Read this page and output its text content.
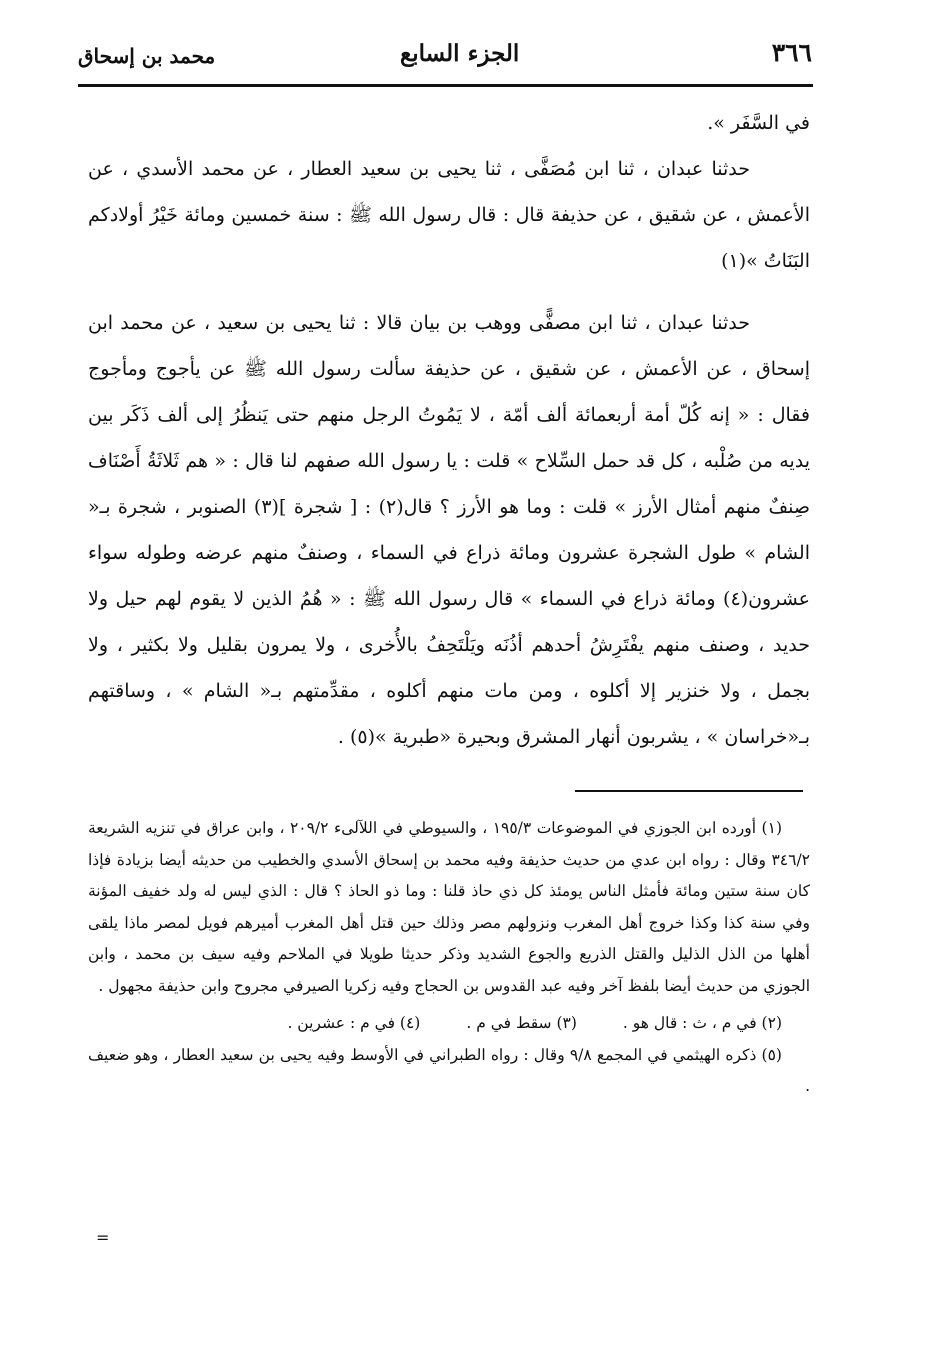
٣٦٦
الجزء السابع
محمد بن إسحاق

في السَّفَر ».

حدثنا عبدان ، ثنا ابن مُصَفَّى ، ثنا يحيى بن سعيد العطار ، عن محمد الأسدي ، عن الأعمش ، عن شقيق ، عن حذيفة قال : قال رسول الله ﷺ : سنة خمسين ومائة خَيْرُ أولادكم البَنَاتُ »(١)

حدثنا عبدان ، ثنا ابن مصفًّى ووهب بن بيان قالا : ثنا يحيى بن سعيد ، عن محمد ابن إسحاق ، عن الأعمش ، عن شقيق ، عن حذيفة سألت رسول الله ﷺ عن يأجوج ومأجوج فقال : « إنه كُلّ أمة أربعمائة ألف أمّة ، لا يَمُوتُ الرجل منهم حتى يَنظُرُ إلى ألف ذَكَر بين يديه من صُلْبه ، كل قد حمل السِّلاح » قلت : يا رسول الله صفهم لنا قال : « هم ثَلاثَةُ أَصْنَاف صِنفٌ منهم أمثال الأرز » قلت : وما هو الأرز ؟ قال(٢) : [ شجرة ](٣) الصنوبر ، شجرة بـ« الشام » طول الشجرة عشرون ومائة ذراع في السماء ، وصنفٌ منهم عرضه وطوله سواء عشرون(٤) ومائة ذراع في السماء » قال رسول الله ﷺ : « هُمُ الذين لا يقوم لهم حيل ولا حديد ، وصنف منهم يفْتَرِشُ أحدهم أذُنَه ويَلْتَحِفُ بالأُخرى ، ولا يمرون بقليل ولا بكثير ، ولا بجمل ، ولا خنزير إلا أكلوه ، ومن مات منهم أكلوه ، مقدِّمتهم بـ« الشام » ، وساقتهم بـ«خراسان » ، يشربون أنهار المشرق وبحيرة «طبرية »(٥) .

(١) أورده ابن الجوزي في الموضوعات ١٩٥/٣ ، والسيوطي في اللآلىء ٢٠٩/٢ ، وابن عراق في تنزيه الشريعة ٣٤٦/٢ وقال : رواه ابن عدي من حديث حذيفة وفيه محمد بن إسحاق الأسدي والخطيب من حديثه أيضا بزيادة فإذا كان سنة ستين ومائة فأمثل الناس يومئذ كل ذي حاذ قلنا : وما ذو الحاذ ؟ قال : الذي ليس له ولد خفيف المؤنة وفي سنة كذا وكذا خروج أهل المغرب ونزولهم مصر وذلك حين قتل أهل المغرب أميرهم فويل لمصر ماذا يلقى أهلها من الذل الذليل والقتل الذريع والجوع الشديد وذكر حديثا طويلا في الملاحم وفيه سيف بن محمد ، وابن الجوزي من حديث أيضا بلفظ آخر وفيه عبد القدوس بن الحجاج وفيه زكريا الصيرفي مجروح وابن حذيفة مجهول .

(٢) في م ، ث : قال هو .
(٣) سقط في م .
(٤) في م : عشرين .

(٥) ذكره الهيثمي في المجمع ٩/٨ وقال : رواه الطبراني في الأوسط وفيه يحيى بن سعيد العطار ، وهو ضعيف .

=
